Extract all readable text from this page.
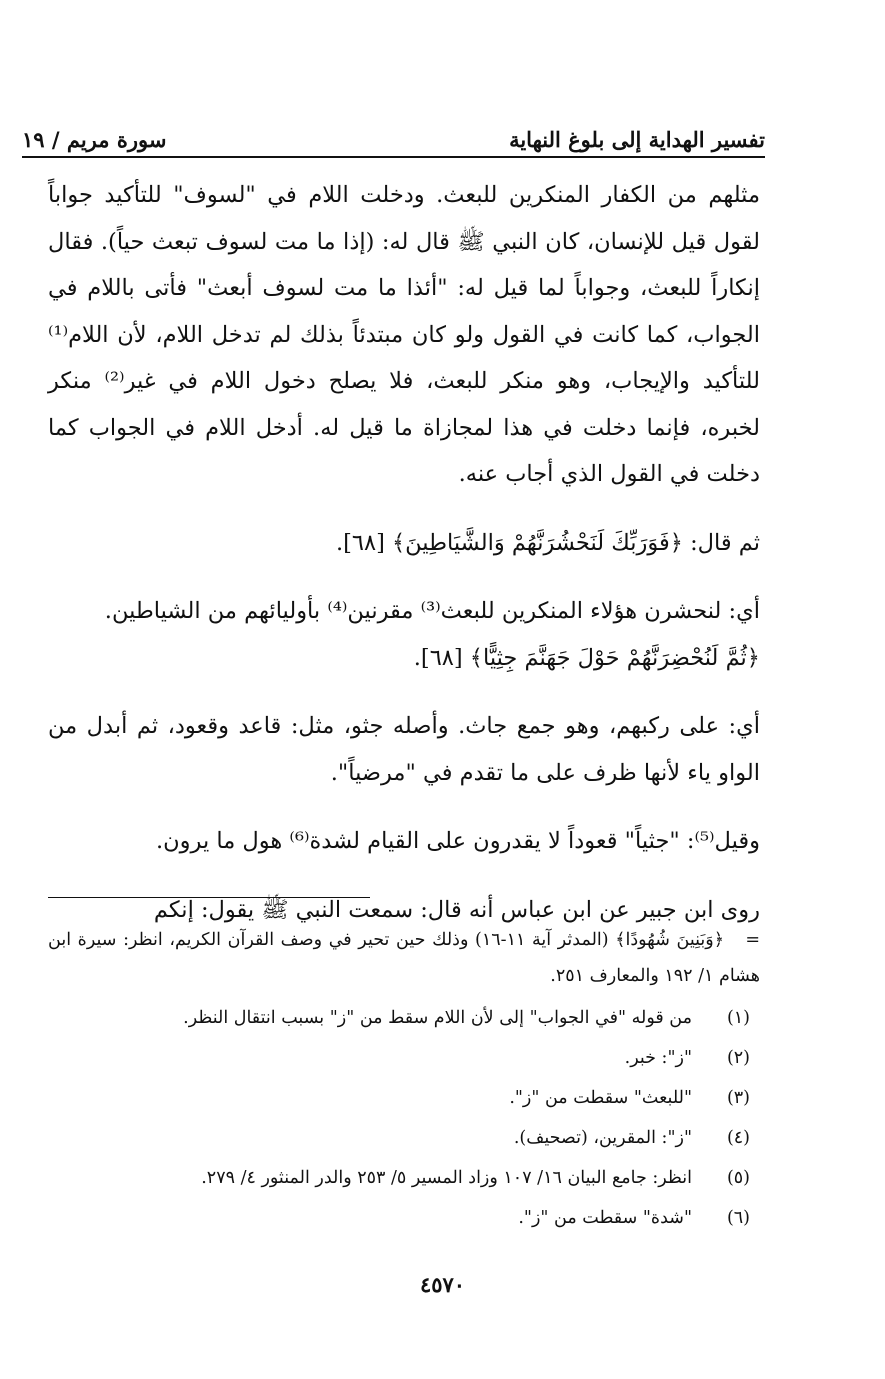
سورة مريم / ١٩	تفسير الهداية إلى بلوغ النهاية

مثلهم من الكفار المنكرين للبعث. ودخلت اللام في "لسوف" للتأكيد جواباً لقول قيل للإنسان، كان النبي ﷺ قال له: (إذا ما مت لسوف تبعث حياً). فقال إنكاراً للبعث، وجواباً لما قيل له: "أئذا ما مت لسوف أبعث" فأتى باللام في الجواب، كما كانت في القول ولو كان مبتدئاً بذلك لم تدخل اللام، لأن اللام⁽¹⁾ للتأكيد والإيجاب، وهو منكر للبعث، فلا يصلح دخول اللام في غير⁽²⁾ منكر لخبره، فإنما دخلت في هذا لمجازاة ما قيل له. أدخل اللام في الجواب كما دخلت في القول الذي أجاب عنه.

ثم قال: ﴿فَوَرَبِّكَ لَنَحْشُرَنَّهُمْ وَالشَّيَاطِينَ﴾ [٦٨].

أي: لنحشرن هؤلاء المنكرين للبعث⁽³⁾ مقرنين⁽⁴⁾ بأوليائهم من الشياطين.

﴿ثُمَّ لَنُحْضِرَنَّهُمْ حَوْلَ جَهَنَّمَ جِثِيًّا﴾ [٦٨].

أي: على ركبهم، وهو جمع جاث. وأصله جثو، مثل: قاعد وقعود، ثم أبدل من الواو ياء لأنها ظرف على ما تقدم في "مرضياً".

وقيل⁽⁵⁾: "جثياً" قعوداً لا يقدرون على القيام لشدة⁽⁶⁾ هول ما يرون.

روى ابن جبير عن ابن عباس أنه قال: سمعت النبي ﷺ يقول: إنكم

=﴿وَبَنِينَ شُهُودًا﴾ (المدثر آية ١١-١٦) وذلك حين تحير في وصف القرآن الكريم، انظر: سيرة ابن هشام ١/ ١٩٢ والمعارف ٢٥١.
(١)
من قوله "في الجواب" إلى لأن اللام سقط من "ز" بسبب انتقال النظر.
(٢)
"ز": خبر.
(٣)
"للبعث" سقطت من "ز".
(٤)
"ز": المقرين، (تصحيف).
(٥)
انظر: جامع البيان ١٦/ ١٠٧ وزاد المسير ٥/ ٢٥٣ والدر المنثور ٤/ ٢٧٩.
(٦)
"شدة" سقطت من "ز".
٤٥٧٠
